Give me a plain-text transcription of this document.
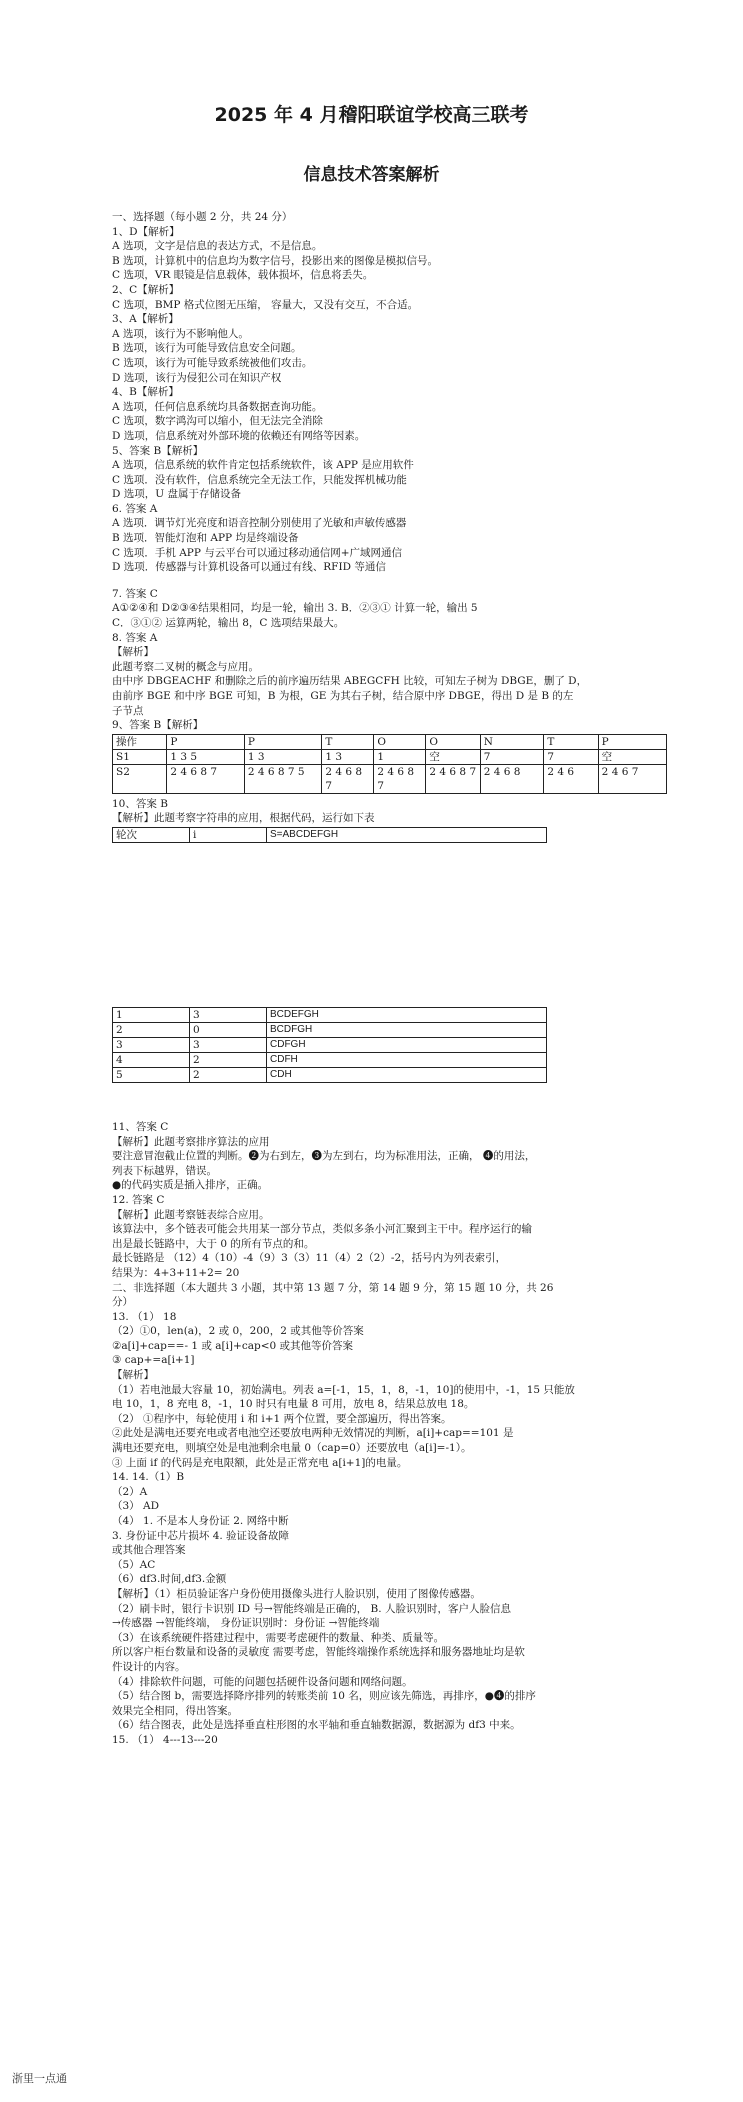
2025 年 4 月稽阳联谊学校高三联考
信息技术答案解析
一、选择题（每小题 2 分，共 24 分）
1、D【解析】
A 选项，文字是信息的表达方式，不是信息。
B 选项，计算机中的信息均为数字信号，投影出来的图像是模拟信号。
C 选项，VR 眼镜是信息载体，载体损坏，信息将丢失。
2、C【解析】
C 选项，BMP 格式位图无压缩， 容量大，又没有交互，不合适。
3、A【解析】
A 选项，该行为不影响他人。
B 选项，该行为可能导致信息安全问题。
C 选项，该行为可能导致系统被他们攻击。
D 选项，该行为侵犯公司在知识产权
4、B【解析】
A 选项，任何信息系统均具备数据查询功能。
C 选项，数字鸿沟可以缩小，但无法完全消除
D 选项，信息系统对外部环境的依赖还有网络等因素。
5、答案 B【解析】
A 选项，信息系统的软件肯定包括系统软件，该 APP 是应用软件
C 选项．没有软件，信息系统完全无法工作，只能发挥机械功能
D 选项，U 盘属于存储设备
6. 答案 A
A 选项．调节灯光亮度和语音控制分别使用了光敏和声敏传感器
B 选项．智能灯泡和 APP 均是终端设备
C 选项．手机 APP 与云平台可以通过移动通信网+广域网通信
D 选项．传感器与计算机设备可以通过有线、RFID 等通信
7. 答案 C
A①②④和 D②③④结果相同，均是一轮，输出 3. B．②③① 计算一轮，输出 5
C．③①② 运算两轮，输出 8，C 选项结果最大。
8. 答案 A
【解析】
此题考察二叉树的概念与应用。
由中序 DBGEACHF 和删除之后的前序遍历结果 ABEGCFH 比较，可知左子树为 DBGE，删了 D，
由前序 BGE 和中序 BGE 可知，B 为根，GE 为其右子树，结合原中序 DBGE，得出 D 是 B 的左
子节点
9、答案 B【解析】
操作	P	P	T	O	O	N	T	P
S1	1 3 5	1 3	1 3	1	空	7	7	空
S2	2 4 6 8 7	2 4 6 8 7 5	2 4 6 8 7	2 4 6 8 7	2 4 6 8 7	2 4 6 8	2 4 6	2 4 6 7
10、答案 B
【解析】此题考察字符串的应用，根据代码，运行如下表
轮次	i	S=ABCDEFGH
1	3	BCDEFGH
2	0	BCDFGH
3	3	CDFGH
4	2	CDFH
5	2	CDH
11、答案 C
【解析】此题考察排序算法的应用
要注意冒泡截止位置的判断。❷为右到左，❸为左到右，均为标准用法，正确， ❹的用法，
列表下标越界，错误。
●的代码实质是插入排序，正确。
12. 答案 C
【解析】此题考察链表综合应用。
该算法中，多个链表可能会共用某一部分节点，类似多条小河汇聚到主干中。程序运行的输
出是最长链路中，大于 0 的所有节点的和。
最长链路是 （12）4（10）-4（9）3（3）11（4）2（2）-2，括号内为列表索引，
结果为：4+3+11+2= 20
二、非选择题（本大题共 3 小题，其中第 13 题 7 分，第 14 题 9 分，第 15 题 10 分，共 26
分）
13. （1） 18
（2）①0，len(a)，2 或 0，200，2 或其他等价答案
②a[i]+cap==- 1 或 a[i]+cap<0 或其他等价答案
③ cap+=a[i+1]
【解析】
（1）若电池最大容量 10，初始满电。列表 a=[-1，15，1，8，-1，10]的使用中，-1，15 只能放
电 10，1，8 充电 8，-1，10 时只有电量 8 可用，放电 8，结果总放电 18。
（2） ①程序中，每轮使用 i 和 i+1 两个位置，要全部遍历，得出答案。
②此处是满电还要充电或者电池空还要放电两种无效情况的判断，a[i]+cap==101 是
满电还要充电，则填空处是电池剩余电量 0（cap=0）还要放电（a[i]=-1）。
③ 上面 if 的代码是充电限额，此处是正常充电 a[i+1]的电量。
14. 14.（1）B
（2）A
（3） AD
（4） 1. 不是本人身份证 2. 网络中断
3. 身份证中芯片损坏 4. 验证设备故障
或其他合理答案
（5）AC
（6）df3.时间,df3.金额
【解析】（1）柜员验证客户身份使用摄像头进行人脸识别，使用了图像传感器。
（2）刷卡时，银行卡识别 ID 号→智能终端是正确的， B. 人脸识别时，客户人脸信息
→传感器 →智能终端， 身份证识别时：身份证 →智能终端
（3）在该系统硬件搭建过程中，需要考虑硬件的数量、种类、质量等。
所以客户柜台数量和设备的灵敏度 需要考虑，智能终端操作系统选择和服务器地址均是软
件设计的内容。
（4）排除软件问题，可能的问题包括硬件设备问题和网络问题。
（5）结合图 b，需要选择降序排列的转账类前 10 名，则应该先筛选，再排序，●❹的排序
效果完全相同，得出答案。
（6）结合图表，此处是选择垂直柱形图的水平轴和垂直轴数据源，数据源为 df3 中来。
15. （1） 4---13---20
浙里一点通
